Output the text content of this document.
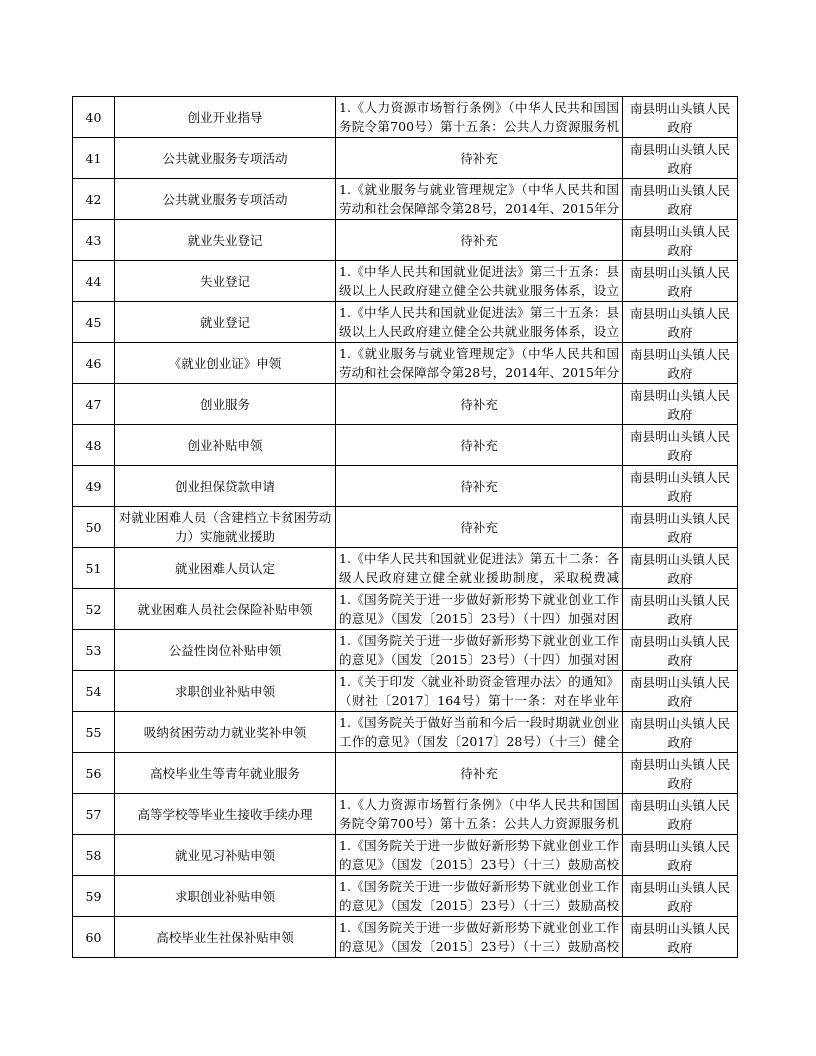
40	创业开业指导	1.《人力资源市场暂行条例》（中华人民共和国国务院令第700号）第十五条：公共人力资源服务机	南县明山头镇人民政府

41	公共就业服务专项活动	待补充	南县明山头镇人民政府

42	公共就业服务专项活动	1.《就业服务与就业管理规定》（中华人民共和国劳动和社会保障部令第28号，2014年、2015年分	南县明山头镇人民政府

43	就业失业登记	待补充	南县明山头镇人民政府

44	失业登记	1.《中华人民共和国就业促进法》第三十五条：县级以上人民政府建立健全公共就业服务体系，设立	南县明山头镇人民政府

45	就业登记	1.《中华人民共和国就业促进法》第三十五条：县级以上人民政府建立健全公共就业服务体系，设立	南县明山头镇人民政府

46	《就业创业证》申领	1.《就业服务与就业管理规定》（中华人民共和国劳动和社会保障部令第28号，2014年、2015年分	南县明山头镇人民政府

47	创业服务	待补充	南县明山头镇人民政府

48	创业补贴申领	待补充	南县明山头镇人民政府

49	创业担保贷款申请	待补充	南县明山头镇人民政府

50	对就业困难人员（含建档立卡贫困劳动力）实施就业援助	待补充	南县明山头镇人民政府

51	就业困难人员认定	1.《中华人民共和国就业促进法》第五十二条：各级人民政府建立健全就业援助制度，采取税费减	南县明山头镇人民政府

52	就业困难人员社会保险补贴申领	1.《国务院关于进一步做好新形势下就业创业工作的意见》（国发〔2015〕23号）（十四）加强对困	南县明山头镇人民政府

53	公益性岗位补贴申领	1.《国务院关于进一步做好新形势下就业创业工作的意见》（国发〔2015〕23号）（十四）加强对困	南县明山头镇人民政府

54	求职创业补贴申领	1.《关于印发〈就业补助资金管理办法〉的通知》（财社〔2017〕164号）第十一条：对在毕业年	南县明山头镇人民政府

55	吸纳贫困劳动力就业奖补申领	1.《国务院关于做好当前和今后一段时期就业创业工作的意见》（国发〔2017〕28号）（十三）健全	南县明山头镇人民政府

56	高校毕业生等青年就业服务	待补充	南县明山头镇人民政府

57	高等学校等毕业生接收手续办理	1.《人力资源市场暂行条例》（中华人民共和国国务院令第700号）第十五条：公共人力资源服务机	南县明山头镇人民政府

58	就业见习补贴申领	1.《国务院关于进一步做好新形势下就业创业工作的意见》（国发〔2015〕23号）（十三）鼓励高校	南县明山头镇人民政府

59	求职创业补贴申领	1.《国务院关于进一步做好新形势下就业创业工作的意见》（国发〔2015〕23号）（十三）鼓励高校	南县明山头镇人民政府

60	高校毕业生社保补贴申领	1.《国务院关于进一步做好新形势下就业创业工作的意见》（国发〔2015〕23号）（十三）鼓励高校	南县明山头镇人民政府
